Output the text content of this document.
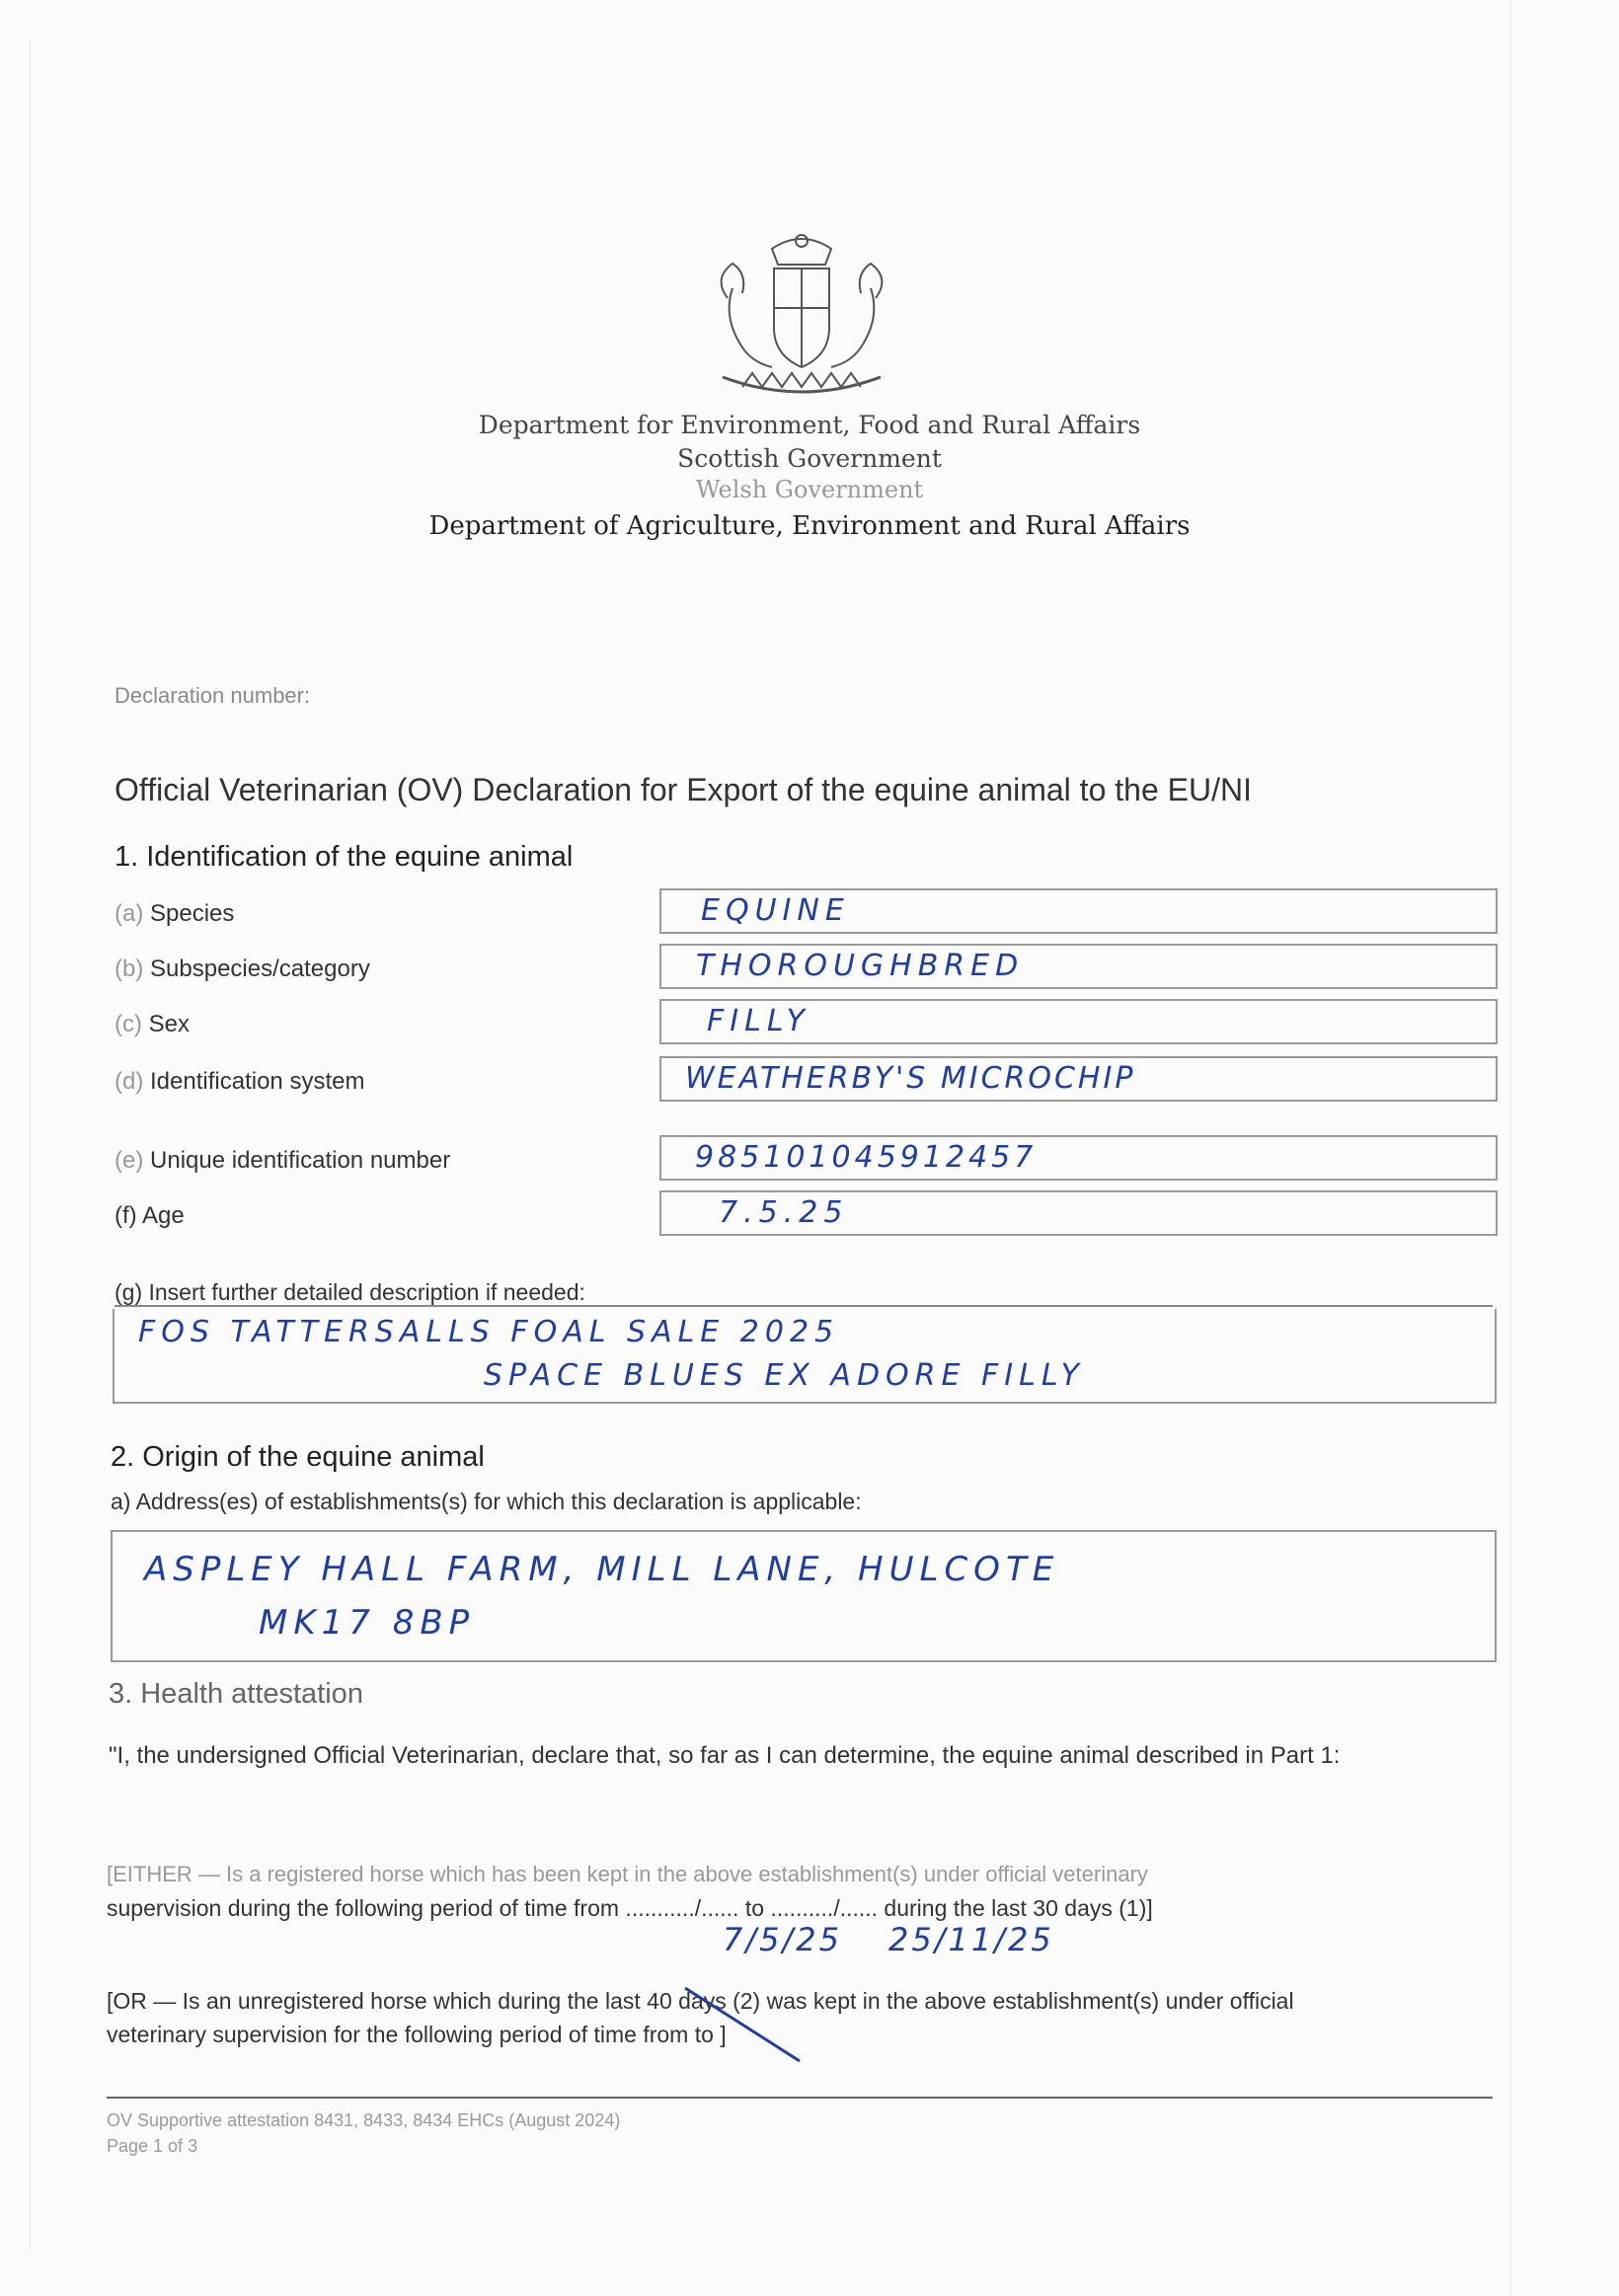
Department for Environment, Food and Rural Affairs
Scottish Government
Welsh Government
Department of Agriculture, Environment and Rural Affairs
Declaration number:
Official Veterinarian (OV) Declaration for Export of the equine animal to the EU/NI
1. Identification of the equine animal
(a) Species	EQUINE
(b) Subspecies/category	THOROUGHBRED
(c) Sex	FILLY
(d) Identification system	WEATHERBY'S MICROCHIP
(e) Unique identification number	985101045912457
(f) Age	7.5.25
(g) Insert further detailed description if needed:
FOS TATTERSALLS FOAL SALE 2025
SPACE BLUES EX ADORE FILLY
2. Origin of the equine animal
a) Address(es) of establishments(s) for which this declaration is applicable:
ASPLEY HALL FARM, MILL LANE, HULCOTE
MK17 8BP
3. Health attestation
"I, the undersigned Official Veterinarian, declare that, so far as I can determine, the equine animal described in Part 1:
[EITHER — Is a registered horse which has been kept in the above establishment(s) under official veterinary
supervision during the following period of time from .........../...... to ........../...... during the last 30 days (1)]
7/5/25 25/11/25
[OR — Is an unregistered horse which during the last 40 days (2) was kept in the above establishment(s) under official
veterinary supervision for the following period of time from to ]
OV Supportive attestation 8431, 8433, 8434 EHCs (August 2024)
Page 1 of 3
